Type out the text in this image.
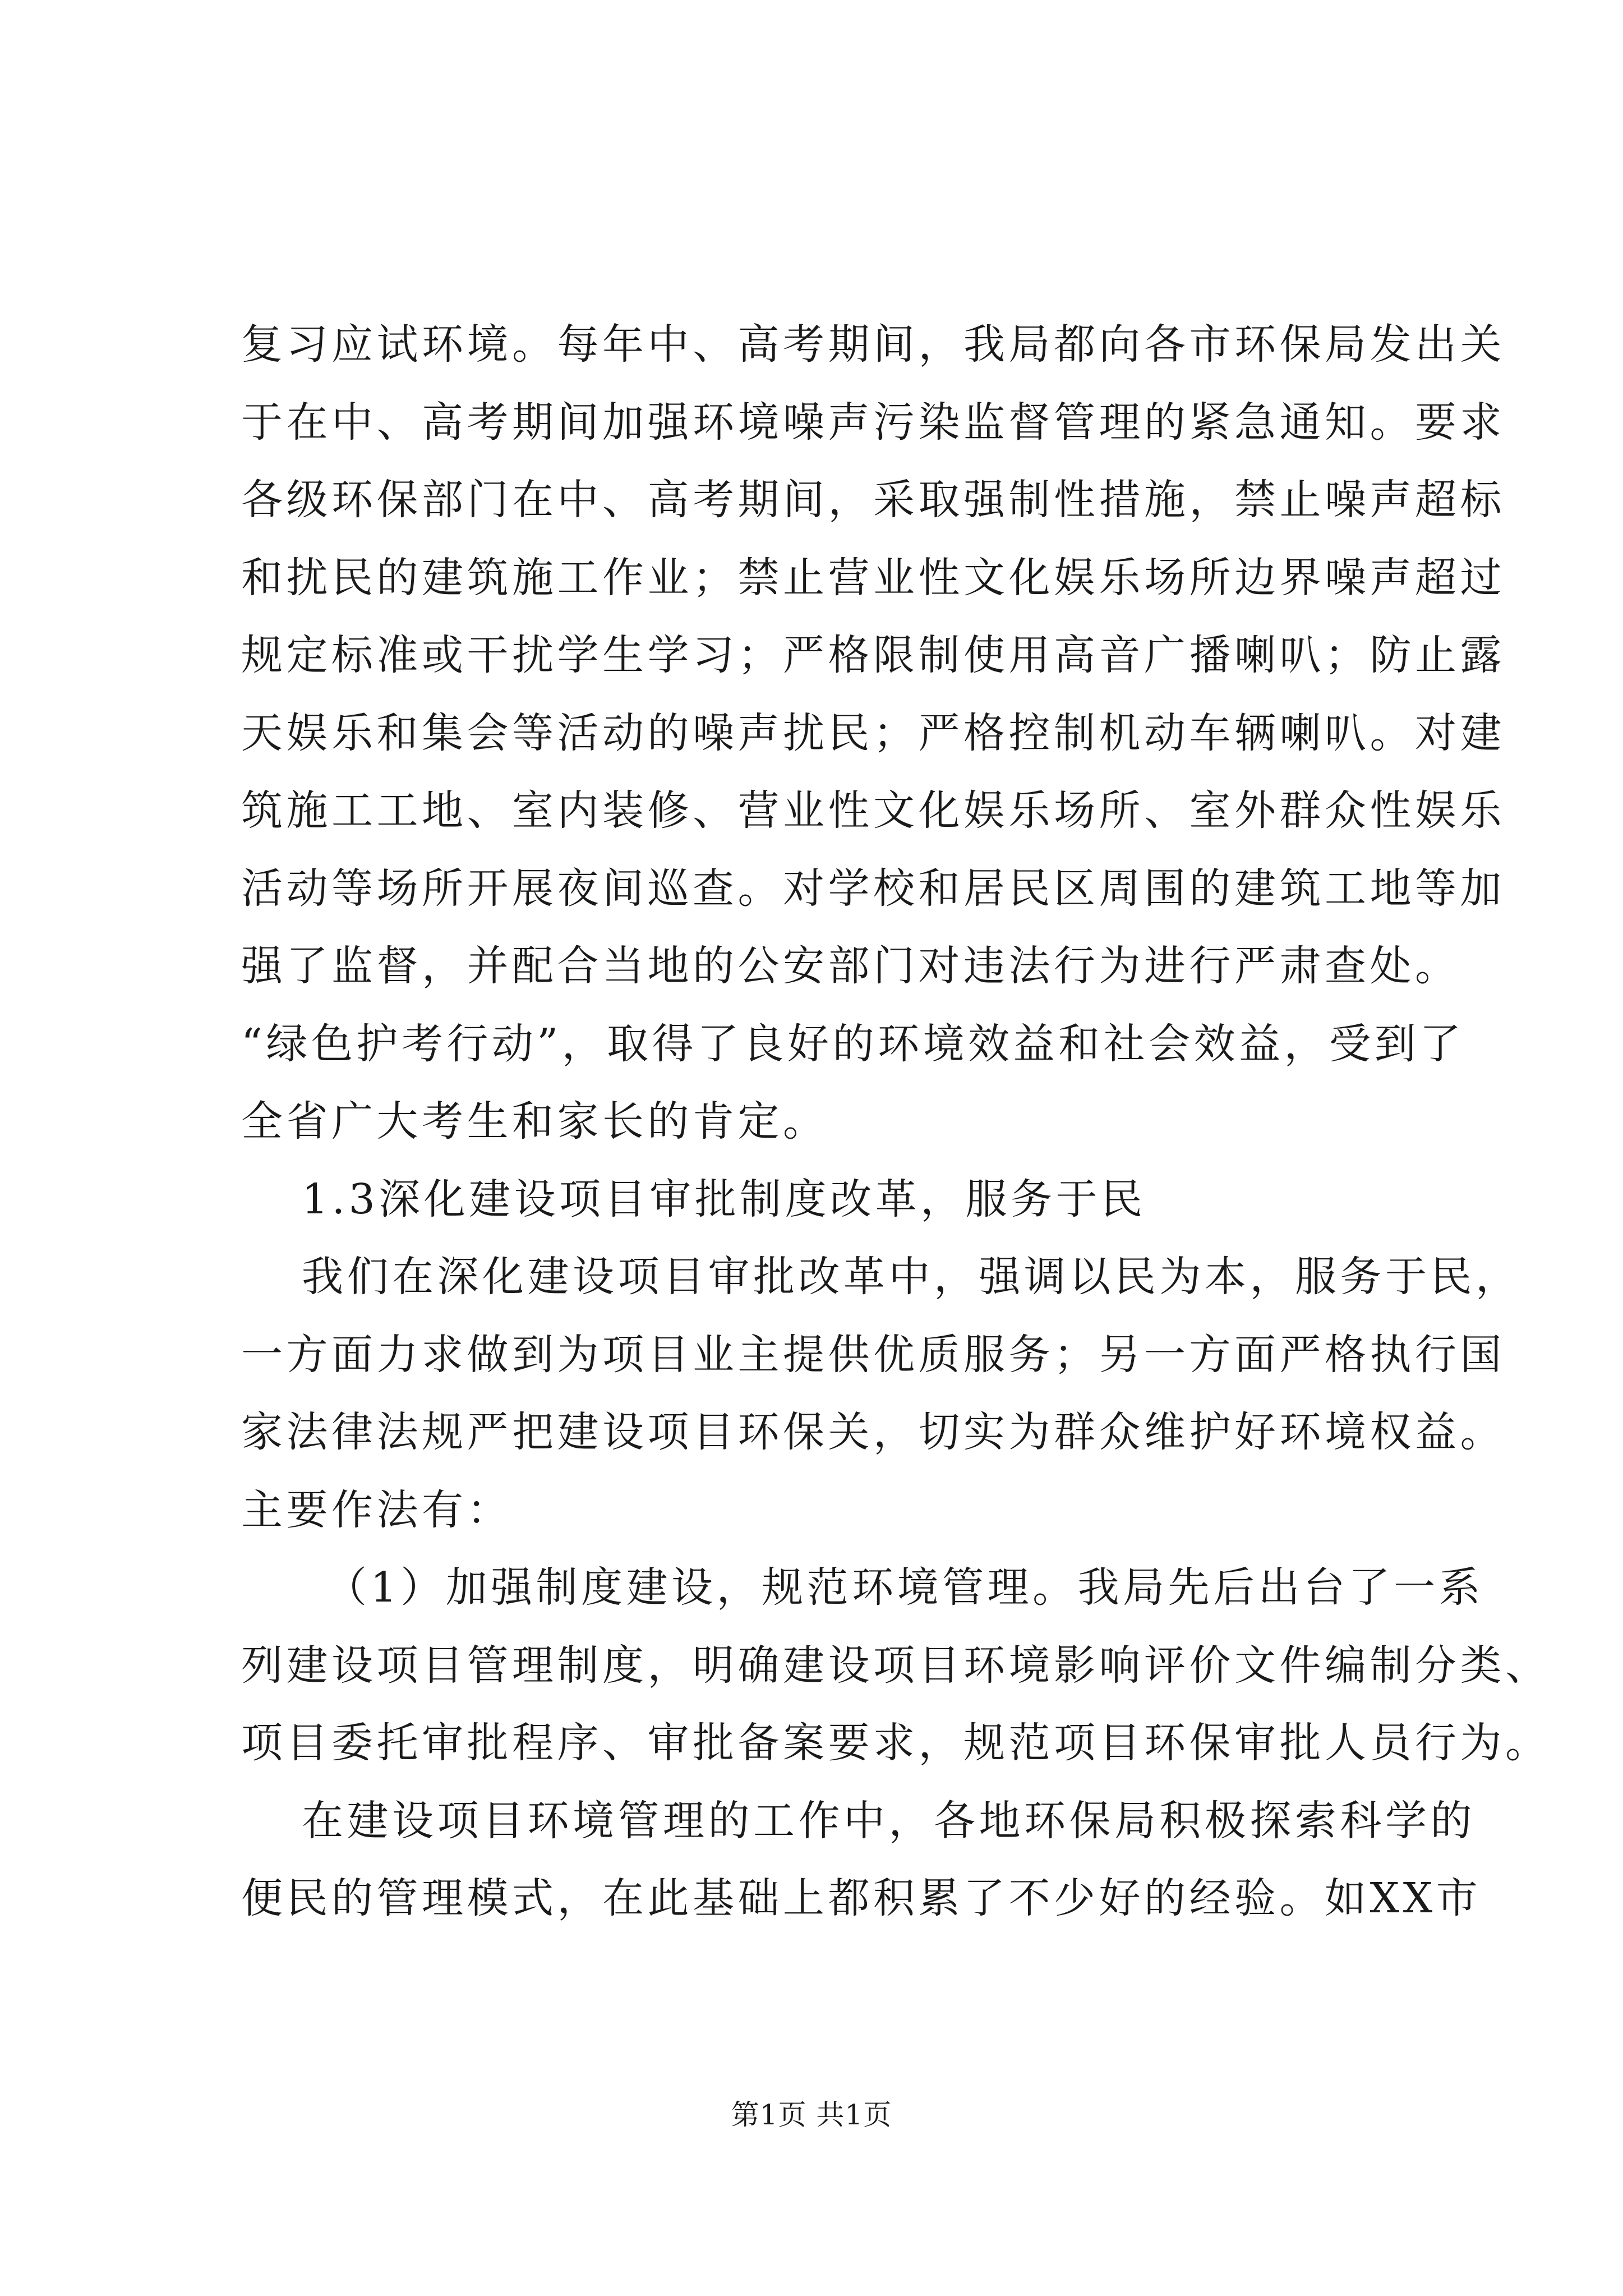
复习应试环境。每年中、高考期间，我局都向各市环保局发出关
于在中、高考期间加强环境噪声污染监督管理的紧急通知。要求
各级环保部门在中、高考期间，采取强制性措施，禁止噪声超标
和扰民的建筑施工作业；禁止营业性文化娱乐场所边界噪声超过
规定标准或干扰学生学习；严格限制使用高音广播喇叭；防止露
天娱乐和集会等活动的噪声扰民；严格控制机动车辆喇叭。对建
筑施工工地、室内装修、营业性文化娱乐场所、室外群众性娱乐
活动等场所开展夜间巡查。对学校和居民区周围的建筑工地等加
强了监督，并配合当地的公安部门对违法行为进行严肃查处。
“绿色护考行动”，取得了良好的环境效益和社会效益，受到了
全省广大考生和家长的肯定。
1.3深化建设项目审批制度改革，服务于民
我们在深化建设项目审批改革中，强调以民为本，服务于民，
一方面力求做到为项目业主提供优质服务；另一方面严格执行国
家法律法规严把建设项目环保关，切实为群众维护好环境权益。
主要作法有：
（1）加强制度建设，规范环境管理。我局先后出台了一系
列建设项目管理制度，明确建设项目环境影响评价文件编制分类、
项目委托审批程序、审批备案要求，规范项目环保审批人员行为。
在建设项目环境管理的工作中，各地环保局积极探索科学的
便民的管理模式，在此基础上都积累了不少好的经验。如XX市
第1页 共1页
